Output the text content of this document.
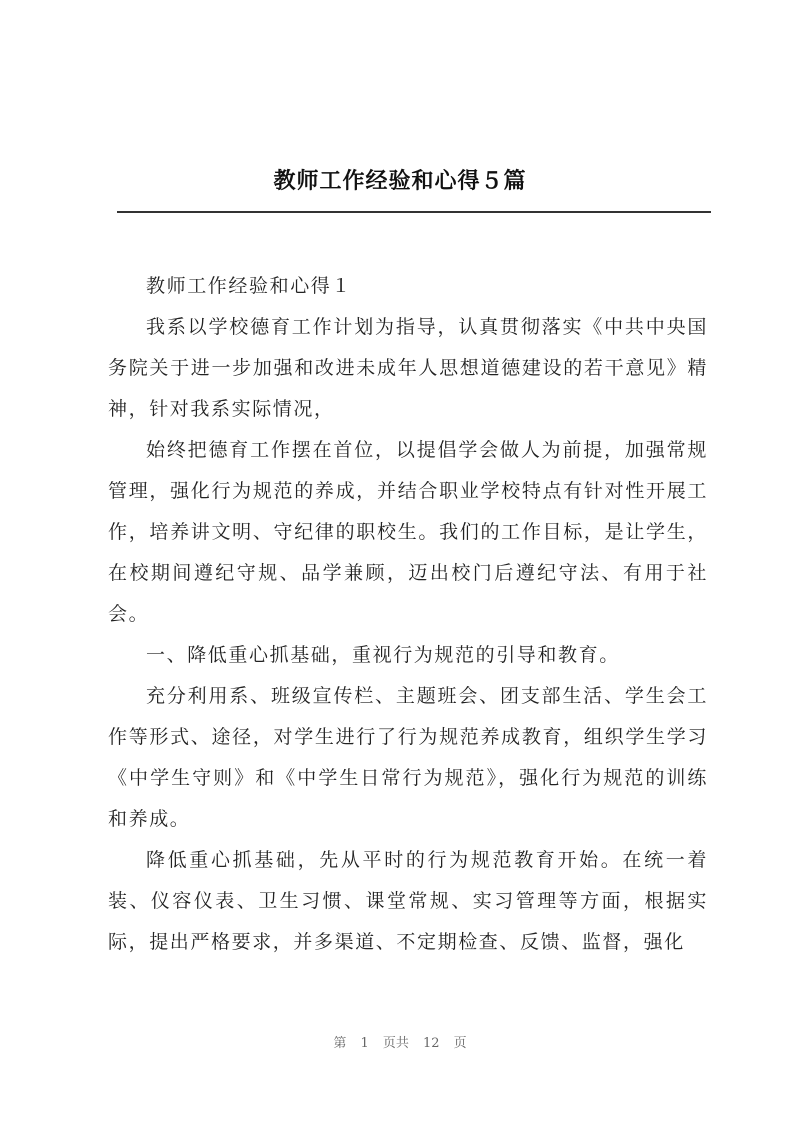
教师工作经验和心得５篇

教师工作经验和心得１

我系以学校德育工作计划为指导，认真贯彻落实《中共中央国务院关于进一步加强和改进未成年人思想道德建设的若干意见》精神，针对我系实际情况，

始终把德育工作摆在首位，以提倡学会做人为前提，加强常规管理，强化行为规范的养成，并结合职业学校特点有针对性开展工作，培养讲文明、守纪律的职校生。我们的工作目标，是让学生，在校期间遵纪守规、品学兼顾，迈出校门后遵纪守法、有用于社会。

一、降低重心抓基础，重视行为规范的引导和教育。

充分利用系、班级宣传栏、主题班会、团支部生活、学生会工作等形式、途径，对学生进行了行为规范养成教育，组织学生学习《中学生守则》和《中学生日常行为规范》，强化行为规范的训练和养成。

降低重心抓基础，先从平时的行为规范教育开始。在统一着装、仪容仪表、卫生习惯、课堂常规、实习管理等方面，根据实际，提出严格要求，并多渠道、不定期检查、反馈、监督，强化

第 1 页共 12 页
